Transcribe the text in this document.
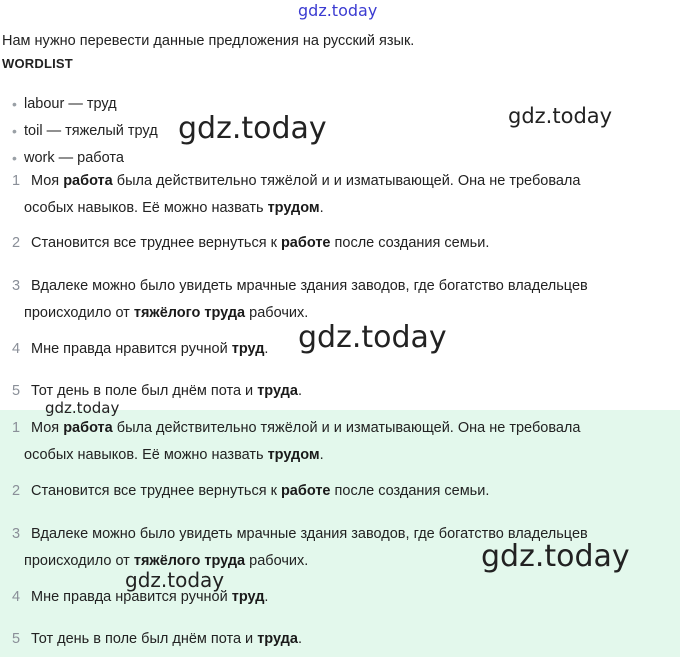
gdz.today
gdz.today	gdz.today
gdz.today
gdz.today
gdz.today
gdz.today
Нам нужно перевести данные предложения на русский язык.
WORDLIST
• labour — труд
• toil — тяжелый труд
• work — работа
1 Моя работа была действительно тяжёлой и и изматывающей. Она не требовала
особых навыков. Её можно назвать трудом.
2 Становится все труднее вернуться к работе после создания семьи.
3 Вдалеке можно было увидеть мрачные здания заводов, где богатство владельцев
происходило от тяжёлого труда рабочих.
4 Мне правда нравится ручной труд.
5 Тот день в поле был днём пота и труда.
1 Моя работа была действительно тяжёлой и и изматывающей. Она не требовала
особых навыков. Её можно назвать трудом.
2 Становится все труднее вернуться к работе после создания семьи.
3 Вдалеке можно было увидеть мрачные здания заводов, где богатство владельцев
происходило от тяжёлого труда рабочих.
4 Мне правда нравится ручной труд.
5 Тот день в поле был днём пота и труда.
